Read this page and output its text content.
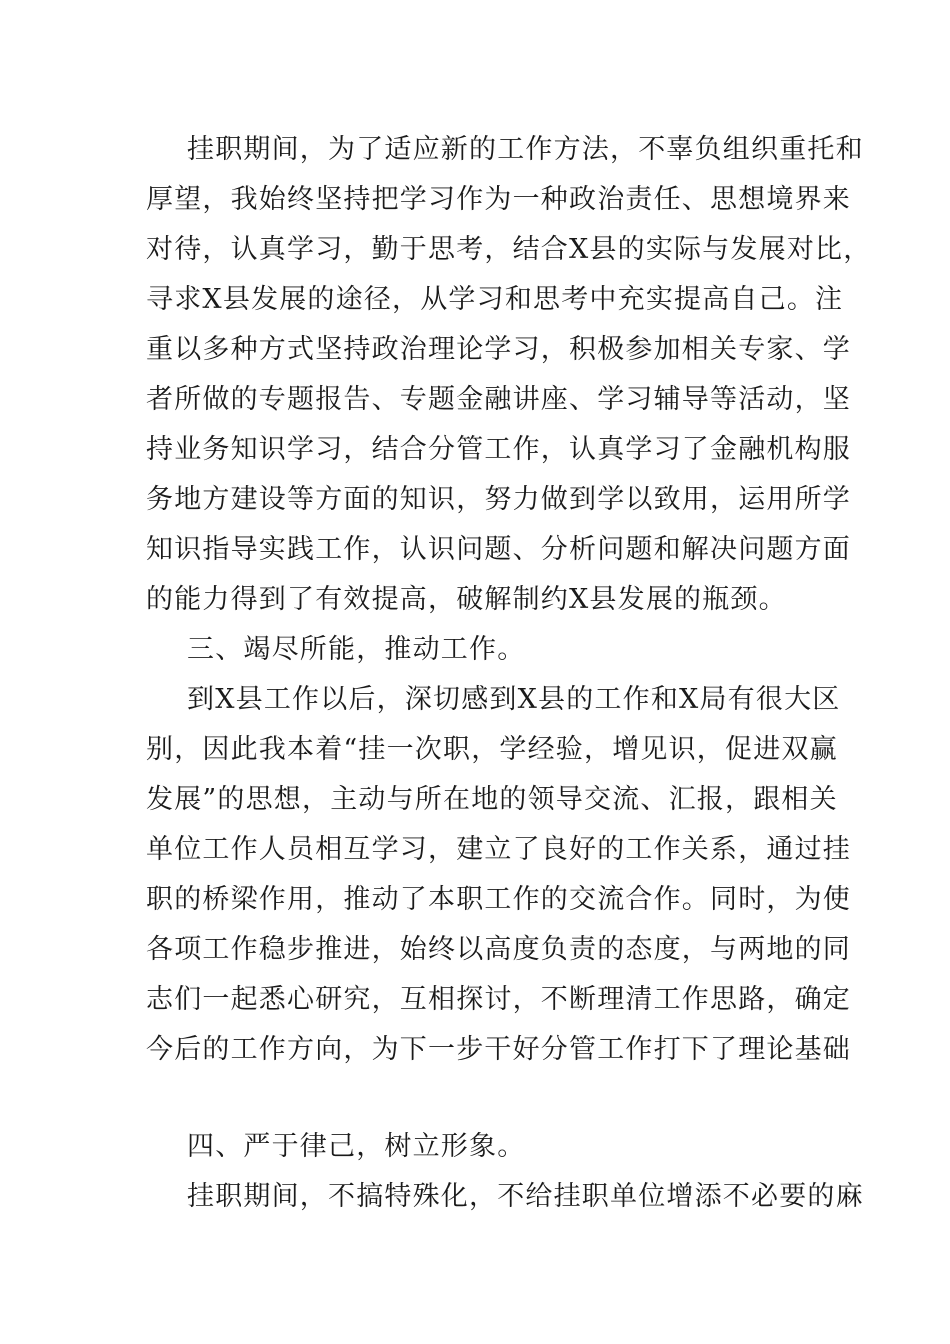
挂职期间，为了适应新的工作方法，不辜负组织重托和
厚望，我始终坚持把学习作为一种政治责任、思想境界来
对待，认真学习，勤于思考，结合X县的实际与发展对比，
寻求X县发展的途径，从学习和思考中充实提高自己。注
重以多种方式坚持政治理论学习，积极参加相关专家、学
者所做的专题报告、专题金融讲座、学习辅导等活动，坚
持业务知识学习，结合分管工作，认真学习了金融机构服
务地方建设等方面的知识，努力做到学以致用，运用所学
知识指导实践工作，认识问题、分析问题和解决问题方面
的能力得到了有效提高，破解制约X县发展的瓶颈。
三、竭尽所能，推动工作。
到X县工作以后，深切感到X县的工作和X局有很大区
别，因此我本着“挂一次职，学经验，增见识，促进双赢
发展”的思想，主动与所在地的领导交流、汇报，跟相关
单位工作人员相互学习，建立了良好的工作关系，通过挂
职的桥梁作用，推动了本职工作的交流合作。同时，为使
各项工作稳步推进，始终以高度负责的态度，与两地的同
志们一起悉心研究，互相探讨，不断理清工作思路，确定
今后的工作方向，为下一步干好分管工作打下了理论基础
四、严于律己，树立形象。
挂职期间，不搞特殊化，不给挂职单位增添不必要的麻
